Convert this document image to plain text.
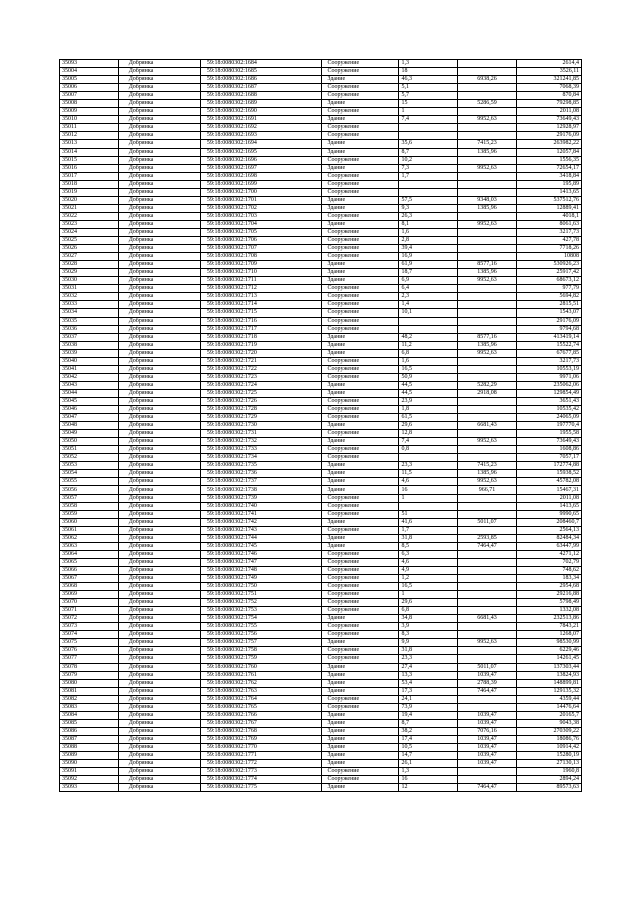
35093	Добрянка	59:18:0080302:1684	Сооружение	1,3		2614,4
35004	Добрянка	59:18:0080302:1685	Сооружение	18		3526,11
35005	Добрянка	59:18:0080302:1686	Здание	46,3	6938,26	321241,85
35006	Добрянка	59:18:0080302:1687	Сооружение	5,1		7068,39
35007	Добрянка	59:18:0080302:1688	Сооружение	5,7		870,84
35008	Добрянка	59:18:0080302:1689	Здание	15	5286,59	79298,85
35009	Добрянка	59:18:0080302:1690	Сооружение	1		2011,08
35010	Добрянка	59:18:0080302:1691	Здание	7,4	9952,63	73649,43
35011	Добрянка	59:18:0080302:1692	Сооружение			12928,97
35012	Добрянка	59:18:0080302:1693	Сооружение			29176,09
35013	Добрянка	59:18:0080302:1694	Здание	35,6	7415,23	263982,22
35014	Добрянка	59:18:0080302:1695	Здание	8,7	1385,96	12057,84
35015	Добрянка	59:18:0080302:1696	Сооружение	10,2		1556,35
35016	Добрянка	59:18:0080302:1697	Здание	7,3	9952,63	72654,17
35017	Добрянка	59:18:0080302:1698	Сооружение	1,7		3418,84
35018	Добрянка	59:18:0080302:1699	Сооружение			195,89
35019	Добрянка	59:18:0080302:1700	Сооружение			1413,65
35020	Добрянка	59:18:0080302:1701	Здание	57,5	9348,03	537512,76
35021	Добрянка	59:18:0080302:1702	Здание	9,3	1385,96	12889,41
35022	Добрянка	59:18:0080302:1703	Сооружение	26,3		4018,1
35023	Добрянка	59:18:0080302:1704	Здание	8,1	9952,63	8061,63
35024	Добрянка	59:18:0080302:1705	Сооружение	1,6		3217,73
35025	Добрянка	59:18:0080302:1706	Сооружение	2,8		427,78
35026	Добрянка	59:18:0080302:1707	Сооружение	39,4		7718,26
35027	Добрянка	59:18:0080302:1708	Сооружение	16,9		10808
35028	Добрянка	59:18:0080302:1709	Здание	61,9	8577,16	530926,23
35029	Добрянка	59:18:0080302:1710	Здание	18,7	1385,96	25917,42
35030	Добрянка	59:18:0080302:1711	Здание	6,9	9952,63	68673,12
35031	Добрянка	59:18:0080302:1712	Сооружение	6,4		977,79
35032	Добрянка	59:18:0080302:1713	Сооружение	2,3		5694,82
35033	Добрянка	59:18:0080302:1714	Сооружение	1,4		2815,51
35034	Добрянка	59:18:0080302:1715	Сооружение	10,1		1543,07
35035	Добрянка	59:18:0080302:1716	Сооружение			29176,09
35036	Добрянка	59:18:0080302:1717	Сооружение			9794,68
35037	Добрянка	59:18:0080302:1718	Здание	48,2	8577,16	413419,14
35038	Добрянка	59:18:0080302:1719	Здание	11,2	1385,96	15522,74
35039	Добрянка	59:18:0080302:1720	Здание	6,8	9952,63	67677,85
35040	Добрянка	59:18:0080302:1721	Сооружение	1,6		3217,73
35041	Добрянка	59:18:0080302:1722	Сооружение	16,5		10553,19
35042	Добрянка	59:18:0080302:1723	Сооружение	50,9		9971,06
35043	Добрянка	59:18:0080302:1724	Здание	44,5	5282,29	235062,06
35044	Добрянка	59:18:0080302:1725	Здание	44,5	2918,08	129854,49
35045	Добрянка	59:18:0080302:1726	Сооружение	23,9		3651,43
35046	Добрянка	59:18:0080302:1728	Сооружение	1,8		10535,42
35047	Добрянка	59:18:0080302:1729	Сооружение	61,5		24065,09
35048	Добрянка	59:18:0080302:1730	Здание	29,6	6681,43	197770,4
35049	Добрянка	59:18:0080302:1731	Сооружение	12,8		1955,58
35050	Добрянка	59:18:0080302:1732	Здание	7,4	9952,63	73649,43
35051	Добрянка	59:18:0080302:1733	Сооружение	0,8		1608,86
35052	Добрянка	59:18:0080302:1734	Сооружение			7057,17
35053	Добрянка	59:18:0080302:1735	Здание	23,3	7415,23	172774,88
35054	Добрянка	59:18:0080302:1736	Здание	11,5	1385,96	15938,52
35055	Добрянка	59:18:0080302:1737	Здание	4,6	9952,63	45782,08
35056	Добрянка	59:18:0080302:1738	Здание	16	966,71	15467,31
35057	Добрянка	59:18:0080302:1739	Сооружение	1		2011,08
35058	Добрянка	59:18:0080302:1740	Сооружение			1413,65
35059	Добрянка	59:18:0080302:1741	Сооружение	51		9990,65
35060	Добрянка	59:18:0080302:1742	Здание	41,6	5011,07	208460,7
35061	Добрянка	59:18:0080302:1743	Сооружение	1,7		2564,13
35062	Добрянка	59:18:0080302:1744	Здание	31,8	2593,85	82484,34
35063	Добрянка	59:18:0080302:1745	Здание	8,5	7464,47	63447,99
35064	Добрянка	59:18:0080302:1746	Сооружение	6,3		4271,12
35065	Добрянка	59:18:0080302:1747	Сооружение	4,6		702,79
35066	Добрянка	59:18:0080302:1748	Сооружение	4,9		748,62
35067	Добрянка	59:18:0080302:1749	Сооружение	1,2		183,34
35068	Добрянка	59:18:0080302:1750	Сооружение	16,5		2954,68
35069	Добрянка	59:18:0080302:1751	Сооружение	1		29216,88
35070	Добрянка	59:18:0080302:1752	Сооружение	29,6		5798,49
35071	Добрянка	59:18:0080302:1753	Сооружение	6,8		1332,08
35072	Добрянка	59:18:0080302:1754	Здание	34,8	6681,43	232513,86
35073	Добрянка	59:18:0080302:1755	Сооружение	3,9		7843,21
35074	Добрянка	59:18:0080302:1756	Сооружение	8,3		1268,07
35075	Добрянка	59:18:0080302:1757	Здание	9,9	9952,63	98530,99
35076	Добрянка	59:18:0080302:1758	Сооружение	31,8		6229,46
35077	Добрянка	59:18:0080302:1759	Сооружение	23,3		14261,45
35078	Добрянка	59:18:0080302:1760	Здание	27,4	5011,07	137303,44
35079	Добрянка	59:18:0080302:1761	Здание	13,3	1039,47	13824,93
35080	Добрянка	59:18:0080302:1762	Здание	53,4	2788,39	148899,81
35081	Добрянка	59:18:0080302:1763	Здание	17,3	7464,47	129135,32
35082	Добрянка	59:18:0080302:1764	Сооружение	24,1		4359,44
35083	Добрянка	59:18:0080302:1765	Сооружение	73,9		14476,64
35084	Добрянка	59:18:0080302:1766	Здание	19,4	1039,47	20165,7
35085	Добрянка	59:18:0080302:1767	Здание	8,7	1039,47	9043,38
35086	Добрянка	59:18:0080302:1768	Здание	38,2	7076,16	270309,22
35087	Добрянка	59:18:0080302:1769	Здание	17,4	1039,47	18086,76
35088	Добрянка	59:18:0080302:1770	Здание	10,5	1039,47	10914,42
35089	Добрянка	59:18:0080302:1771	Здание	14,7	1039,47	15280,19
35090	Добрянка	59:18:0080302:1772	Здание	26,1	1039,47	27130,13
35091	Добрянка	59:18:0080302:1773	Сооружение	1,3		1960,8
35092	Добрянка	59:18:0080302:1774	Сооружение	16		2894,24
35093	Добрянка	59:18:0080302:1775	Здание	12	7464,47	89573,63
